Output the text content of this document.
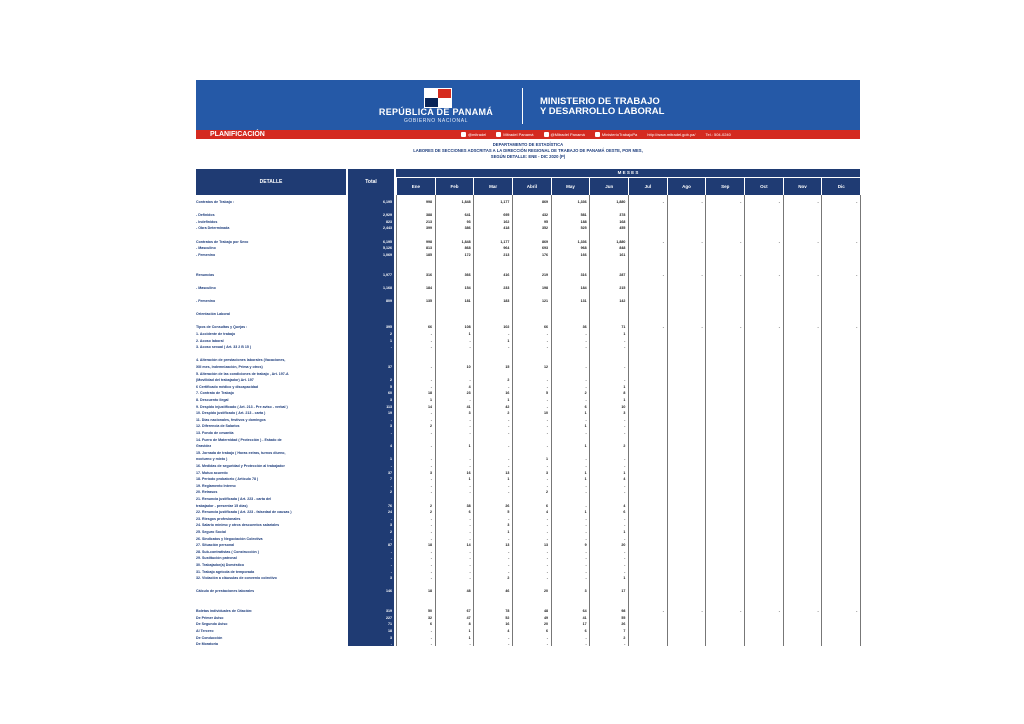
REPÚBLICA DE PANAMÁ
GOBIERNO NACIONAL
MINISTERIO DE TRABAJO
Y DESARROLLO LABORAL
PLANIFICACIÓN	@mitradel	Mitradel Panamá	@Mitradel Panamá	MinisterioTrabajoPa	http://www.mitradel.gob.pa/	Tel.: 504-0240
DEPARTAMENTO DE ESTADÍSTICA
LABORES DE SECCIONES ADSCRITAS A LA DIRECCIÓN REGIONAL DE TRABAJO DE PANAMÁ OESTE, POR MES,
SEGÚN DETALLE: ENE - DIC 2020 (P)
DETALLE	Total
M E S E S
Ene	Feb	Mar	Abril	May	Jun	Jul	Ago	Sep	Oct	Nov	Dic
Contratos de Trabajo :	6,195	998	1,848	1,177	869	1,336	1,880	-	-	-	-	-	-
- Definidos	2,929	388	641	695	432	581	378
- Indefinidos	823	213	93	162	95	188	168
- Obra Determinada	2,443	399	386	418	352	525	455
Contratos de Trabajo por Sexo	6,195	998	1,848	1,177	869	1,336	1,880	-	-	-	-	-	-
- Masculino	5,126	813	868	964	693	968	848
- Femenino	1,069	185	172	213	176	166	161
Renuncias	1,977	316	366	416	219	316	287	-	-	-	-	-	-
- Masculino	1,168	184	154	233	198	184	215
- Femenino	809	135	181	183	121	131	142
Orientación Laboral
Tipos de Consultas y Quejas :	395	66	108	102	66	36	71	-	-	-	-	-	-
1. Accidente de trabajo	2	-	1	-	-	-	1
2. Acoso laboral	1	-	-	1	-	-	-
3. Acoso sexual ( Art. 33 2 B 15 )	-	-	-	-	-	-	-
4. Alteración de prestaciones laborales (Vacaciones,
XIII mes, indemnización, Prima y otros)	37	-	10	15	12	-	-
5. Alteración de las condiciones de trabajo , Art. 197-A
(Movilidad del trabajador) Art. 197	2	-	-	2	-	-	-
6 Certificado médico y discapacidad	5	-	4	-	-	-	1
7. Contrato de Trabajo	60	18	23	16	5	2	8
8. Descuento ilegal	3	1	-	1	-	-	1
9. Despido injustificado ( Art. 213 - Pre aviso - verbal )	113	14	41	42	-	6	10
10. Despido justificado ( Art. 213 - carta )	19	-	3	2	10	1	3
11. Días nacionales, festivos y domingos	-	-	-	-	-	-	-
12. Diferencia de Salarios	3	2	-	-	-	1	-
13. Fondo de cesantía	-	-	-	-	-	-	-
14. Fuero de Maternidad ( Protección ) - Estado de
Gravidez	4	-	1	-	-	1	2
15. Jornada de trabajo ( Horas extras, turnos diurno,
nocturno y mixto )	1	-	-	-	1	-	-
16. Medidas de seguridad y Protección al trabajador	-	-	-	-	-	-	-
17. Mutuo acuerdo	37	3	16	13	3	1	1
18. Período probatorio ( Artículo 78 )	7	-	1	1	-	1	4
19. Reglamento Interno	-	-	-	-	-	-	-
20. Retrasos	2	-	-	-	2	-	-
21. Renuncia justificada ( Art. 223 - carta del
trabajador - presentar 15 días)	76	2	38	26	6	-	4
22. Renuncia justificada ( Art. 223 - falsedad de causas )	24	2	6	5	4	1	6
23. Riesgos profesionales	-	-	-	-	-	-	-
24. Salario mínimo y otros descuentos salariales	3	-	-	3	-	-	-
25. Seguro Social	2	-	-	1	-	-	1
26. Sindicatos y Negociación Colectiva	-	-	-	-	-	-	-
27. Situación personal	87	18	14	13	13	9	20
28. Sub-contratistas ( Construcción )	-	-	-	-	-	-	-
29. Sustitución patronal	-	-	-	-	-	-	-
30. Trabajador(a) Doméstico	-	-	-	-	-	-	-
31. Trabajo agrícola de temporada	-	-	-	-	-	-	-
32. Violación a cláusulas de convenio colectivo	3	-	-	2	-	-	1
Cálculo de prestaciones laborales	146	18	48	46	20	3	17
Boletas individuales de Citación:	319	50	67	78	48	64	98	-	-	-	-	-	-
De Primer Aviso	227	32	47	52	49	41	55
De Segundo Aviso	71	6	8	16	20	17	26
Al Tercero	18	-	1	4	6	6	7
De Conducción	3	-	1	-	-	-	2
De Moratoria	-	-	-	-	-	-	-
